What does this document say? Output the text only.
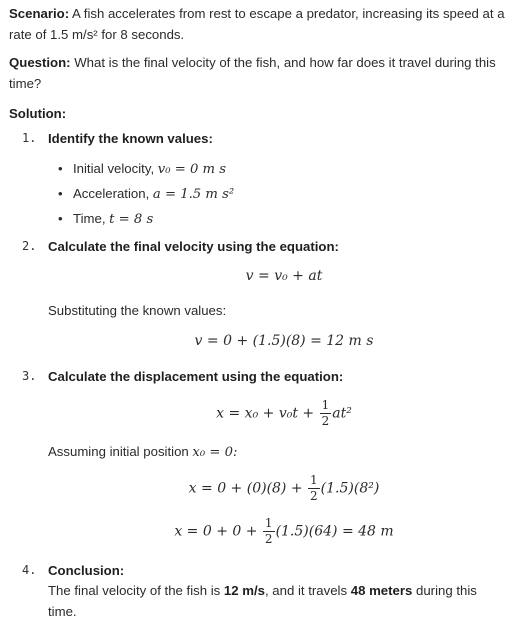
Scenario: A fish accelerates from rest to escape a predator, increasing its speed at a
rate of 1.5 m/s² for 8 seconds.
Question: What is the final velocity of the fish, and how far does it travel during this
time?
Solution:
1. Identify the known values:
• Initial velocity, v₀ = 0 m s
• Acceleration, a = 1.5 m s²
• Time, t = 8 s
2. Calculate the final velocity using the equation:
v = v₀ + at
Substituting the known values:
v = 0 + (1.5)(8) = 12 m s
3. Calculate the displacement using the equation:
$x = x_0 + v_0t + \frac{1}{2} at^2$
Assuming initial position x₀ = 0:
$x = 0 + (0)(8) + \frac{1}{2} (1.5)(8^2)$
$x = 0 + 0 + \frac{1}{2} (1.5)(64) = 48$ m
4. Conclusion:
The final velocity of the fish is 12 m/s, and it travels 48 meters during this
time.
